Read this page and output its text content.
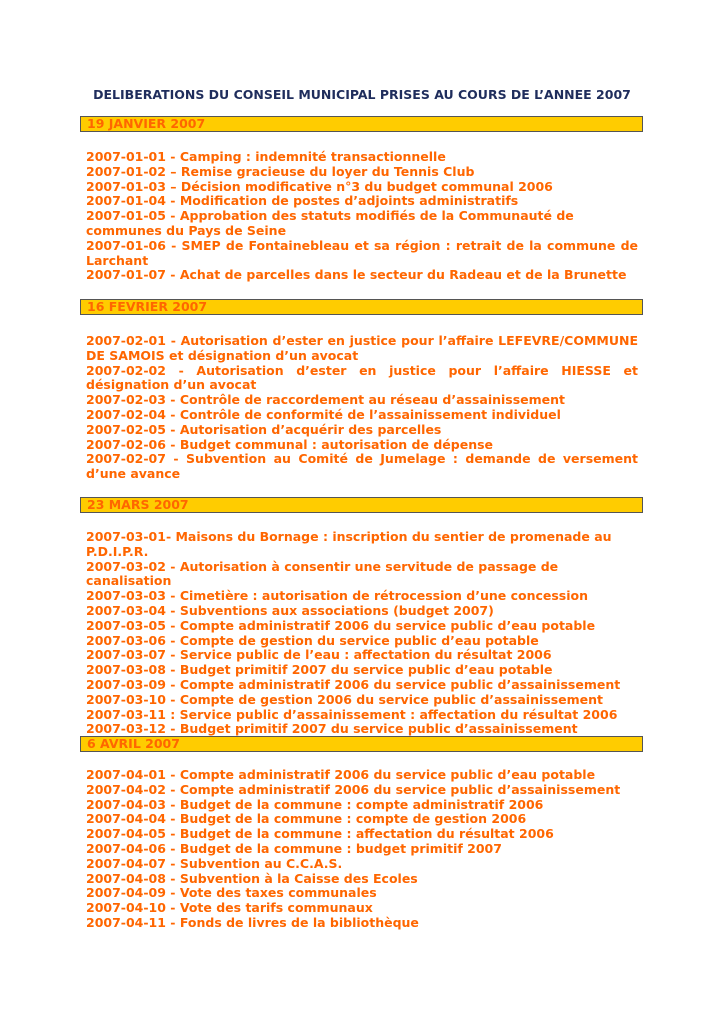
DELIBERATIONS DU CONSEIL MUNICIPAL PRISES AU COURS DE L’ANNEE 2007
19 JANVIER 2007
2007-01-01 - Camping : indemnité transactionnelle
2007-01-02 – Remise gracieuse du loyer du Tennis Club
2007-01-03 – Décision modificative n°3 du budget communal 2006
2007-01-04 - Modification de postes d’adjoints administratifs
2007-01-05 - Approbation des statuts modifiés de la Communauté de communes du Pays de Seine
2007-01-06 - SMEP de Fontainebleau et sa région : retrait de la commune de Larchant
2007-01-07 - Achat de parcelles dans le secteur du Radeau et de la Brunette
16 FEVRIER 2007
2007-02-01 - Autorisation d’ester en justice pour l’affaire LEFEVRE/COMMUNE DE SAMOIS et désignation d’un avocat
2007-02-02 - Autorisation d’ester en justice pour l’affaire HIESSE et désignation d’un avocat
2007-02-03 - Contrôle de raccordement au réseau d’assainissement
2007-02-04 - Contrôle de conformité de l’assainissement individuel
2007-02-05 - Autorisation d’acquérir des parcelles
2007-02-06 - Budget communal : autorisation de dépense
2007-02-07 - Subvention au Comité de Jumelage : demande de versement d’une avance
23 MARS 2007
2007-03-01- Maisons du Bornage : inscription du sentier de promenade au P.D.I.P.R.
2007-03-02 - Autorisation à consentir une servitude de passage de canalisation
2007-03-03 - Cimetière : autorisation de rétrocession d’une concession
2007-03-04 - Subventions aux associations (budget 2007)
2007-03-05 - Compte administratif 2006 du service public d’eau potable
2007-03-06 - Compte de gestion du service public d’eau potable
2007-03-07 - Service public de l’eau : affectation du résultat 2006
2007-03-08 - Budget primitif 2007 du service public d’eau potable
2007-03-09 - Compte administratif 2006 du service public d’assainissement
2007-03-10 - Compte de gestion 2006 du service public d’assainissement
2007-03-11 : Service public d’assainissement : affectation du résultat 2006
2007-03-12 - Budget primitif 2007 du service public d’assainissement
6 AVRIL 2007
2007-04-01 - Compte administratif 2006 du service public d’eau potable
2007-04-02 - Compte administratif 2006 du service public d’assainissement
2007-04-03 - Budget de la commune : compte administratif 2006
2007-04-04 - Budget de la commune : compte de gestion 2006
2007-04-05 - Budget de la commune : affectation du résultat 2006
2007-04-06 - Budget de la commune : budget primitif 2007
2007-04-07 - Subvention au C.C.A.S.
2007-04-08 - Subvention à la Caisse des Ecoles
2007-04-09 - Vote des taxes communales
2007-04-10 - Vote des tarifs communaux
2007-04-11 - Fonds de livres de la bibliothèque
